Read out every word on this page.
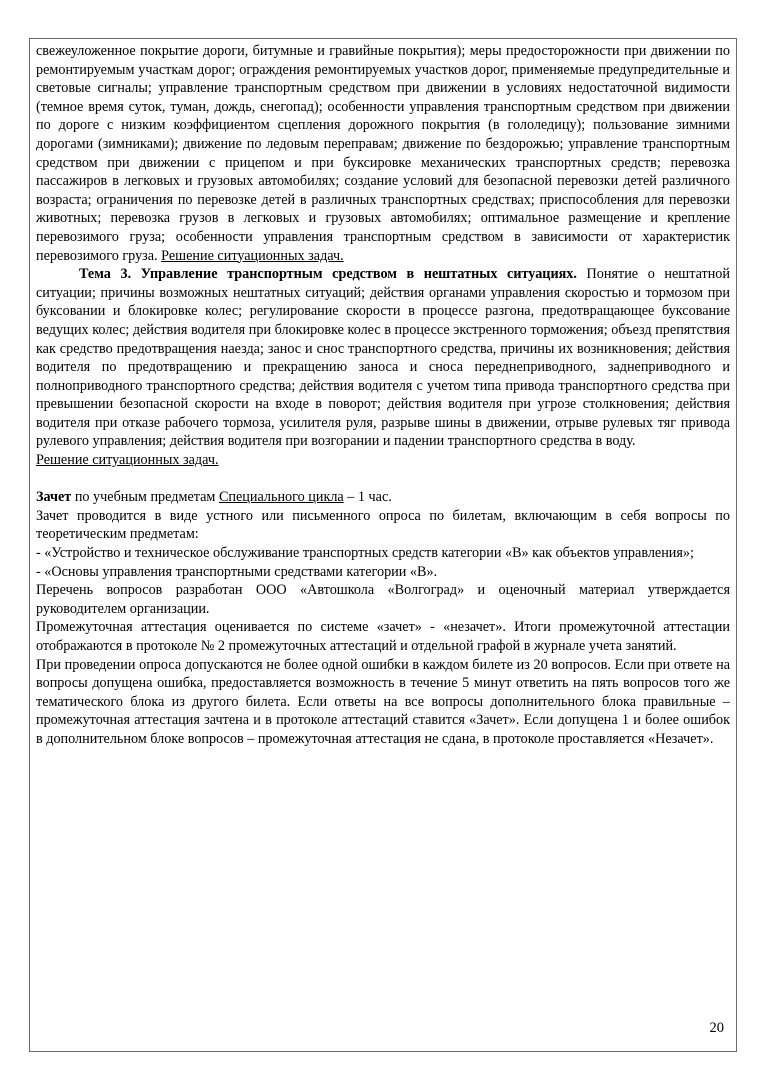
свежеуложенное покрытие дороги, битумные и гравийные покрытия); меры предосторожности при движении по ремонтируемым участкам дорог; ограждения ремонтируемых участков дорог, применяемые предупредительные и световые сигналы; управление транспортным средством при движении в условиях недостаточной видимости (темное время суток, туман, дождь, снегопад); особенности управления транспортным средством при движении по дороге с низким коэффициентом сцепления дорожного покрытия (в гололедицу); пользование зимними дорогами (зимниками); движение по ледовым переправам; движение по бездорожью; управление транспортным средством при движении с прицепом и при буксировке механических транспортных средств; перевозка пассажиров в легковых и грузовых автомобилях; создание условий для безопасной перевозки детей различного возраста; ограничения по перевозке детей в различных транспортных средствах; приспособления для перевозки животных; перевозка грузов в легковых и грузовых автомобилях; оптимальное размещение и крепление перевозимого груза; особенности управления транспортным средством в зависимости от характеристик перевозимого груза. Решение ситуационных задач.

Тема 3. Управление транспортным средством в нештатных ситуациях. Понятие о нештатной ситуации; причины возможных нештатных ситуаций; действия органами управления скоростью и тормозом при буксовании и блокировке колес; регулирование скорости в процессе разгона, предотвращающее буксование ведущих колес; действия водителя при блокировке колес в процессе экстренного торможения; объезд препятствия как средство предотвращения наезда; занос и снос транспортного средства, причины их возникновения; действия водителя по предотвращению и прекращению заноса и сноса переднеприводного, заднеприводного и полноприводного транспортного средства; действия водителя с учетом типа привода транспортного средства при превышении безопасной скорости на входе в поворот; действия водителя при угрозе столкновения; действия водителя при отказе рабочего тормоза, усилителя руля, разрыве шины в движении, отрыве рулевых тяг привода рулевого управления; действия водителя при возгорании и падении транспортного средства в воду.

Решение ситуационных задач.

Зачет по учебным предметам Специального цикла – 1 час.

Зачет проводится в виде устного или письменного опроса по билетам, включающим в себя вопросы по теоретическим предметам:

- «Устройство и техническое обслуживание транспортных средств категории «В» как объектов управления»;

- «Основы управления транспортными средствами категории «В».

Перечень вопросов разработан ООО «Автошкола «Волгоград» и оценочный материал утверждается руководителем организации.

Промежуточная аттестация оценивается по системе «зачет» - «незачет». Итоги промежуточной аттестации отображаются в протоколе № 2 промежуточных аттестаций и отдельной графой в журнале учета занятий.

При проведении опроса допускаются не более одной ошибки в каждом билете из 20 вопросов. Если при ответе на вопросы допущена ошибка, предоставляется возможность в течение 5 минут ответить на пять вопросов того же тематического блока из другого билета. Если ответы на все вопросы дополнительного блока правильные – промежуточная аттестация зачтена и в протоколе аттестаций ставится «Зачет». Если допущена 1 и более ошибок в дополнительном блоке вопросов – промежуточная аттестация не сдана, в протоколе проставляется «Незачет».

20
